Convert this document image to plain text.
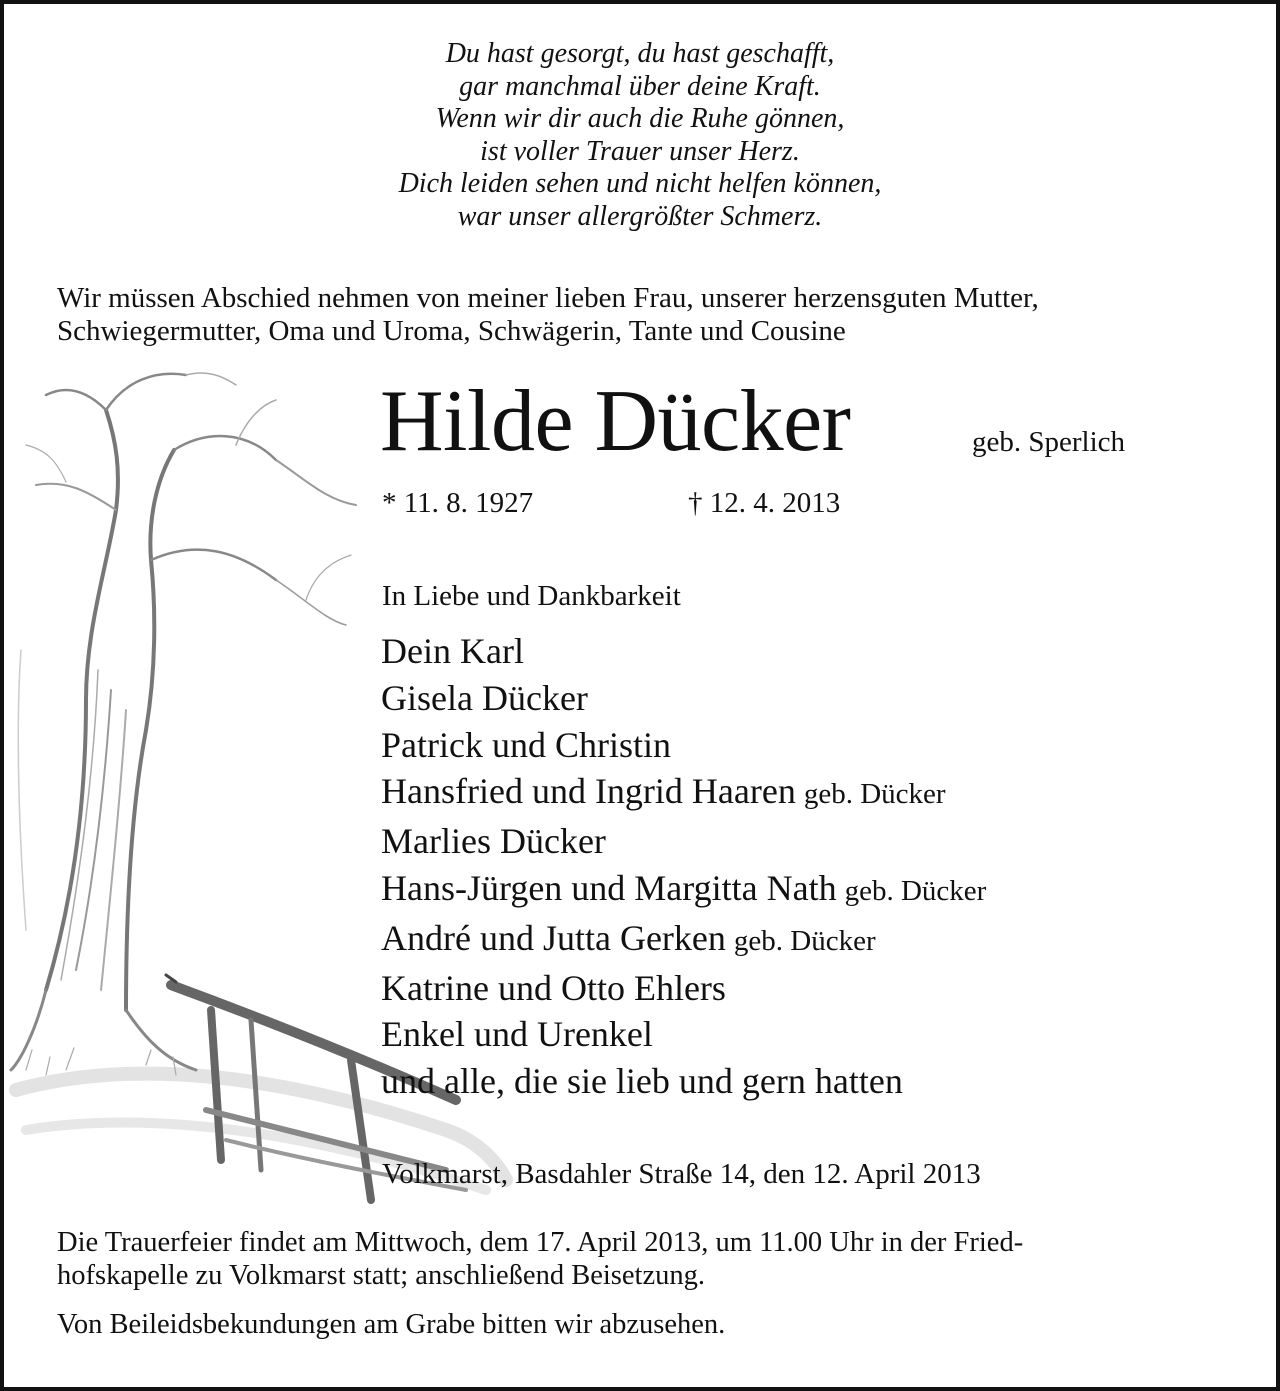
Du hast gesorgt, du hast geschafft,
gar manchmal über deine Kraft.
Wenn wir dir auch die Ruhe gönnen,
ist voller Trauer unser Herz.
Dich leiden sehen und nicht helfen können,
war unser allergrößter Schmerz.
Wir müssen Abschied nehmen von meiner lieben Frau, unserer herzensguten Mutter,
Schwiegermutter, Oma und Uroma, Schwägerin, Tante und Cousine
Hilde Dücker	geb. Sperlich
* 11. 8. 1927	† 12. 4. 2013
In Liebe und Dankbarkeit
Dein Karl
Gisela Dücker
Patrick und Christin
Hansfried und Ingrid Haaren geb. Dücker
Marlies Dücker
Hans-Jürgen und Margitta Nath geb. Dücker
André und Jutta Gerken geb. Dücker
Katrine und Otto Ehlers
Enkel und Urenkel
und alle, die sie lieb und gern hatten
Volkmarst, Basdahler Straße 14, den 12. April 2013
Die Trauerfeier findet am Mittwoch, dem 17. April 2013, um 11.00 Uhr in der Fried-
hofskapelle zu Volkmarst statt; anschließend Beisetzung.
Von Beileidsbekundungen am Grabe bitten wir abzusehen.
